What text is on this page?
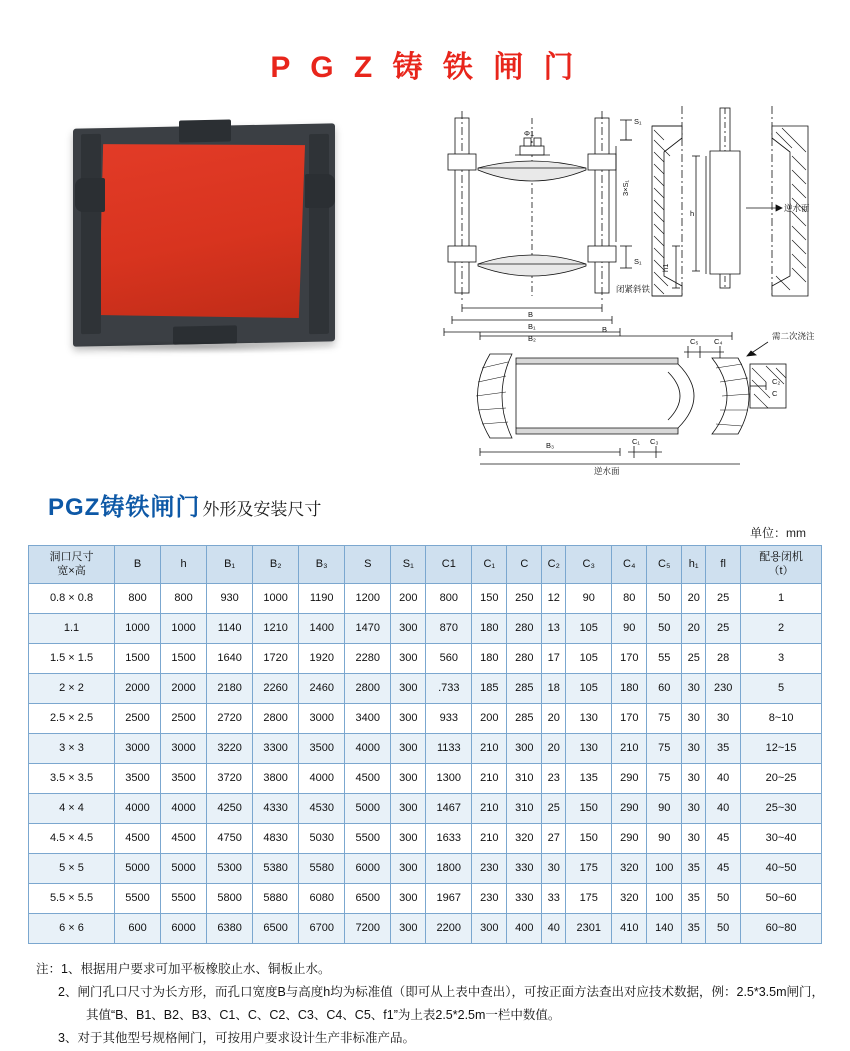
P G Z 铸 铁 闸 门
Φ1
S₁
3×S₁
S₁
闭紧斜铁
B
B₁
B₂
h
h1
逆水面
B
需二次浇注
C₅ C₄
C₂
C
B₃	C₁ C₃
逆水面
PGZ铸铁闸门 外形及安装尺寸
单位：mm
洞口尺寸
宽×高	B	h	B₁	B₂	B₃	S	S₁	C1	C₁	C	C₂	C₃	C₄	C₅	h₁	fl	配용闭机
（t）

0.8 × 0.8	800	800	930	1000	1190	1200	200	800	150	250	12	90	80	50	20	25	1
1.1	1000	1000	1140	1210	1400	1470	300	870	180	280	13	105	90	50	20	25	2
1.5 × 1.5	1500	1500	1640	1720	1920	2280	300	560	180	280	17	105	170	55	25	28	3
2 × 2	2000	2000	2180	2260	2460	2800	300	.733	185	285	18	105	180	60	30	230	5
2.5 × 2.5	2500	2500	2720	2800	3000	3400	300	933	200	285	20	130	170	75	30	30	8~10
3 × 3	3000	3000	3220	3300	3500	4000	300	1133	210	300	20	130	210	75	30	35	12~15
3.5 × 3.5	3500	3500	3720	3800	4000	4500	300	1300	210	310	23	135	290	75	30	40	20~25
4 × 4	4000	4000	4250	4330	4530	5000	300	1467	210	310	25	150	290	90	30	40	25~30
4.5 × 4.5	4500	4500	4750	4830	5030	5500	300	1633	210	320	27	150	290	90	30	45	30~40
5 × 5	5000	5000	5300	5380	5580	6000	300	1800	230	330	30	175	320	100	35	45	40~50
5.5 × 5.5	5500	5500	5800	5880	6080	6500	300	1967	230	330	33	175	320	100	35	50	50~60
6 × 6	600	6000	6380	6500	6700	7200	300	2200	300	400	40	2301	410	140	35	50	60~80
注：1、根据用户要求可加平板橡胶止水、铜板止水。
2、闸门孔口尺寸为长方形，而孔口宽度B与高度h均为标准值（即可从上表中查出），可按正面方法查出对应技术数据，例：2.5*3.5m闸门，
其值“B、B1、B2、B3、C1、C、C2、C3、C4、C5、f1”为上表2.5*2.5m一栏中数值。
3、对于其他型号规格闸门，可按用户要求设计生产非标准产品。
